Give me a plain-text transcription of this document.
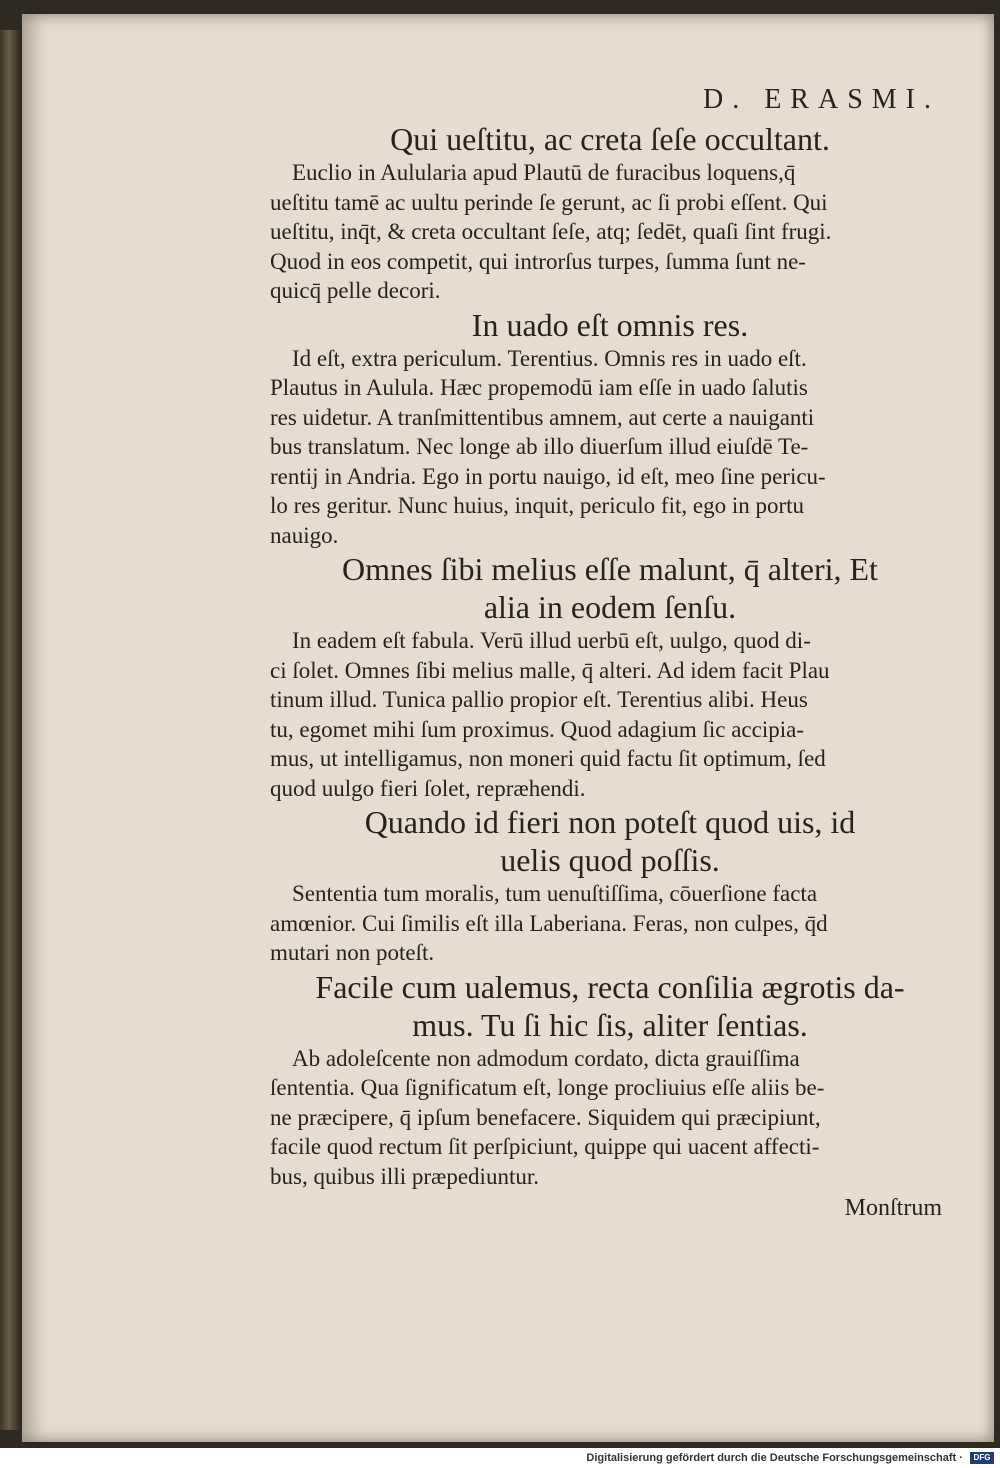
D. ERASMI.
Qui ueſtitu, ac creta ſeſe occultant.
Euclio in Aulularia apud Plautū de furacibus loquens,q̄
ueſtitu tamē ac uultu perinde ſe gerunt, ac ſi probi eſſent. Qui
ueſtitu, inq̄t, & creta occultant ſeſe, atq; ſedēt, quaſi ſint frugi.
Quod in eos competit, qui introrſus turpes, ſumma ſunt ne-
quicq̄ pelle decori.
In uado eſt omnis res.
Id eſt, extra periculum. Terentius. Omnis res in uado eſt.
Plautus in Aulula. Hæc propemodū iam eſſe in uado ſalutis
res uidetur. A tranſmittentibus amnem, aut certe a nauiganti
bus translatum. Nec longe ab illo diuerſum illud eiuſdē Te-
rentij in Andria. Ego in portu nauigo, id eſt, meo ſine pericu-
lo res geritur. Nunc huius, inquit, periculo fit, ego in portu
nauigo.
Omnes ſibi melius eſſe malunt, q̄ alteri, Et
alia in eodem ſenſu.
In eadem eſt fabula. Verū illud uerbū eſt, uulgo, quod di-
ci ſolet. Omnes ſibi melius malle, q̄ alteri. Ad idem facit Plau
tinum illud. Tunica pallio propior eſt. Terentius alibi. Heus
tu, egomet mihi ſum proximus. Quod adagium ſic accipia-
mus, ut intelligamus, non moneri quid factu ſit optimum, ſed
quod uulgo fieri ſolet, repræhendi.
Quando id fieri non poteſt quod uis, id
uelis quod poſſis.
Sententia tum moralis, tum uenuſtiſſima, cōuerſione facta
amœnior. Cui ſimilis eſt illa Laberiana. Feras, non culpes, q̄d
mutari non poteſt.
Facile cum ualemus, recta conſilia ægrotis da-
mus. Tu ſi hic ſis, aliter ſentias.
Ab adoleſcente non admodum cordato, dicta grauiſſima
ſententia. Qua ſignificatum eſt, longe procliuius eſſe aliis be-
ne præcipere, q̄ ipſum benefacere. Siquidem qui præcipiunt,
facile quod rectum ſit perſpiciunt, quippe qui uacent affecti-
bus, quibus illi præpediuntur.
Monſtrum
Digitalisierung gefördert durch die Deutsche Forschungsgemeinschaft · DFG
